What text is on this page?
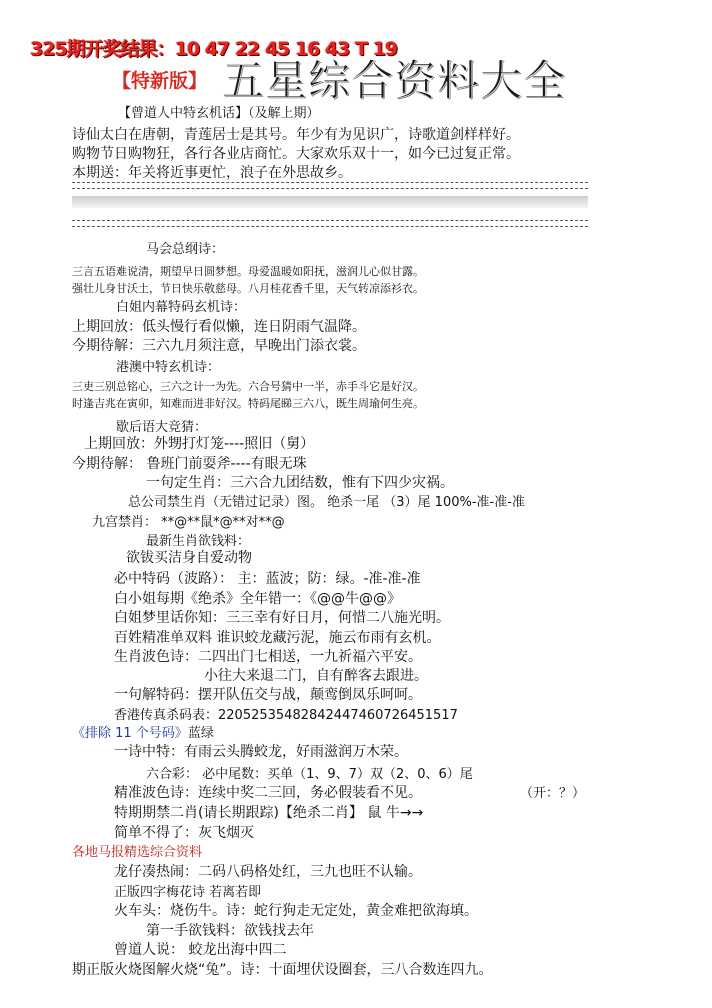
325期开奖结果：10 47 22 45 16 43 T 19
【特新版】 五星综合资料大全
【曾道人中特玄机话】（及解上期）
诗仙太白在唐朝，青莲居士是其号。年少有为见识广，诗歌道剑样样好。
购物节日购物狂，各行各业店商忙。大家欢乐双十一，如今已过复正常。
本期送：年关将近事更忙，浪子在外思故乡。
马会总纲诗：
三言五语难说清，期望早日圆梦想。母爱温暖如阳抚，滋润儿心似甘露。
强壮儿身甘沃土，节日快乐敬慈母。八月桂花香千里，天气转凉添衫衣。
白姐内幕特码玄机诗：
上期回放：低头慢行看似懒，连日阴雨气温降。
今期待解：三六九月须注意，早晚出门添衣裳。
港澳中特玄机诗：
三吏三别总铭心，三六之计一为先。六合号猜中一半，赤手斗它是好汉。
时逢吉兆在寅卯，知难而进非好汉。特码尾睇三六八，既生周瑜何生亮。
歇后语大竞猜：
上期回放：外甥打灯笼----照旧（舅）
今期待解： 鲁班门前耍斧----有眼无珠
一句定生肖：三六合九团结数，惟有下四少灾祸。
总公司禁生肖（无错过记录）图。 绝杀一尾 （3）尾 100%-准-准-准
九宫禁肖： **@**鼠*@**对**@
最新生肖欲钱料：
欲钹买洁身自爱动物
必中特码（波路）： 主：蓝波；防：绿。-准-准-准
白小姐每期《绝杀》全年错一：《@@牛@@》
白姐梦里话你知：三三幸有好日月，何惜二八施光明。
百姓精准单双料 谁识蛟龙藏污泥，施云布雨有玄机。
生肖波色诗：二四出门七相送，一九祈福六平安。
小往大来退二门，自有醉客去跟进。
一句解特码：摆开队伍交与战，颠鸾倒凤乐呵呵。
香港传真杀码表：22052535482842447460726451517
《排除 11 个号码》蓝绿
一诗中特：有雨云头腾蛟龙，好雨滋润万木荣。
六合彩： 必中尾数：买单（1、9、7）双（2、0、6）尾
精准波色诗：连续中奖二三回，务必假装看不见。	（开：？）
特期期禁二肖(请长期跟踪)【绝杀二肖】 鼠 牛→→
简单不得了：灰飞烟灭
各地马报精选综合资料
龙仔凑热闹：二码八码格处红，三九也旺不认输。
正版四字梅花诗 若离若即
火车头：烧伤牛。诗：蛇行狗走无定处，黄金难把欲海填。
第一手欲钱料：欲钱找去年
曾道人说： 蛟龙出海中四二
期正版火烧图解火烧“兔”。诗：十面埋伏设圈套，三八合数连四九。
